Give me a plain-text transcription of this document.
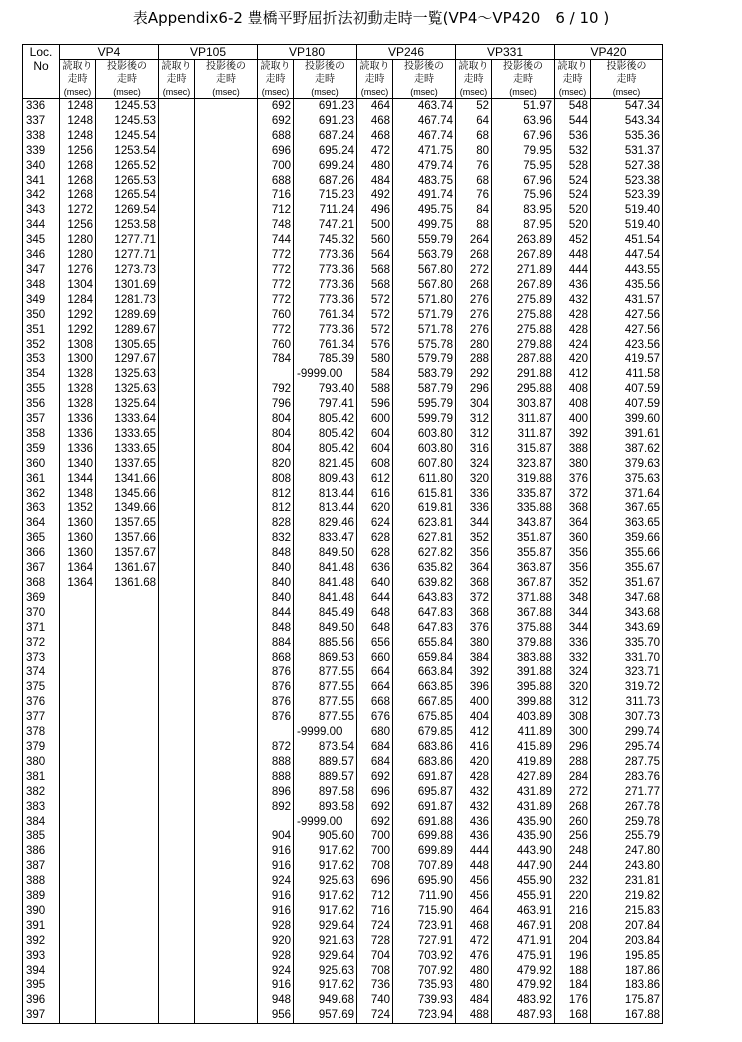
表Appendix6-2 豊橋平野屈折法初動走時一覧(VP4～VP420　6 / 10 )
Loc.
No	VP4		VP105		VP180		VP246		VP331		VP420	
	読取り	投影後の	読取り	投影後の	読取り	投影後の	読取り	投影後の	読取り	投影後の	読取り	投影後の
	走時	走時	走時	走時	走時	走時	走時	走時	走時	走時	走時	走時
	(msec)	(msec)	(msec)	(msec)	(msec)	(msec)	(msec)	(msec)	(msec)	(msec)	(msec)	(msec)
336	1248	1245.53			692	691.23	464	463.74	52	51.97	548	547.34
337	1248	1245.53			692	691.23	468	467.74	64	63.96	544	543.34
338	1248	1245.54			688	687.24	468	467.74	68	67.96	536	535.36
339	1256	1253.54			696	695.24	472	471.75	80	79.95	532	531.37
340	1268	1265.52			700	699.24	480	479.74	76	75.95	528	527.38
341	1268	1265.53			688	687.26	484	483.75	68	67.96	524	523.38
342	1268	1265.54			716	715.23	492	491.74	76	75.96	524	523.39
343	1272	1269.54			712	711.24	496	495.75	84	83.95	520	519.40
344	1256	1253.58			748	747.21	500	499.75	88	87.95	520	519.40
345	1280	1277.71			744	745.32	560	559.79	264	263.89	452	451.54
346	1280	1277.71			772	773.36	564	563.79	268	267.89	448	447.54
347	1276	1273.73			772	773.36	568	567.80	272	271.89	444	443.55
348	1304	1301.69			772	773.36	568	567.80	268	267.89	436	435.56
349	1284	1281.73			772	773.36	572	571.80	276	275.89	432	431.57
350	1292	1289.69			760	761.34	572	571.79	276	275.88	428	427.56
351	1292	1289.67			772	773.36	572	571.78	276	275.88	428	427.56
352	1308	1305.65			760	761.34	576	575.78	280	279.88	424	423.56
353	1300	1297.67			784	785.39	580	579.79	288	287.88	420	419.57
354	1328	1325.63				-9999.00	584	583.79	292	291.88	412	411.58
355	1328	1325.63			792	793.40	588	587.79	296	295.88	408	407.59
356	1328	1325.64			796	797.41	596	595.79	304	303.87	408	407.59
357	1336	1333.64			804	805.42	600	599.79	312	311.87	400	399.60
358	1336	1333.65			804	805.42	604	603.80	312	311.87	392	391.61
359	1336	1333.65			804	805.42	604	603.80	316	315.87	388	387.62
360	1340	1337.65			820	821.45	608	607.80	324	323.87	380	379.63
361	1344	1341.66			808	809.43	612	611.80	320	319.88	376	375.63
362	1348	1345.66			812	813.44	616	615.81	336	335.87	372	371.64
363	1352	1349.66			812	813.44	620	619.81	336	335.88	368	367.65
364	1360	1357.65			828	829.46	624	623.81	344	343.87	364	363.65
365	1360	1357.66			832	833.47	628	627.81	352	351.87	360	359.66
366	1360	1357.67			848	849.50	628	627.82	356	355.87	356	355.66
367	1364	1361.67			840	841.48	636	635.82	364	363.87	356	355.67
368	1364	1361.68			840	841.48	640	639.82	368	367.87	352	351.67
369					840	841.48	644	643.83	372	371.88	348	347.68
370					844	845.49	648	647.83	368	367.88	344	343.68
371					848	849.50	648	647.83	376	375.88	344	343.69
372					884	885.56	656	655.84	380	379.88	336	335.70
373					868	869.53	660	659.84	384	383.88	332	331.70
374					876	877.55	664	663.84	392	391.88	324	323.71
375					876	877.55	664	663.85	396	395.88	320	319.72
376					876	877.55	668	667.85	400	399.88	312	311.73
377					876	877.55	676	675.85	404	403.89	308	307.73
378						-9999.00	680	679.85	412	411.89	300	299.74
379					872	873.54	684	683.86	416	415.89	296	295.74
380					888	889.57	684	683.86	420	419.89	288	287.75
381					888	889.57	692	691.87	428	427.89	284	283.76
382					896	897.58	696	695.87	432	431.89	272	271.77
383					892	893.58	692	691.87	432	431.89	268	267.78
384						-9999.00	692	691.88	436	435.90	260	259.78
385					904	905.60	700	699.88	436	435.90	256	255.79
386					916	917.62	700	699.89	444	443.90	248	247.80
387					916	917.62	708	707.89	448	447.90	244	243.80
388					924	925.63	696	695.90	456	455.90	232	231.81
389					916	917.62	712	711.90	456	455.91	220	219.82
390					916	917.62	716	715.90	464	463.91	216	215.83
391					928	929.64	724	723.91	468	467.91	208	207.84
392					920	921.63	728	727.91	472	471.91	204	203.84
393					928	929.64	704	703.92	476	475.91	196	195.85
394					924	925.63	708	707.92	480	479.92	188	187.86
395					916	917.62	736	735.93	480	479.92	184	183.86
396					948	949.68	740	739.93	484	483.92	176	175.87
397					956	957.69	724	723.94	488	487.93	168	167.88
